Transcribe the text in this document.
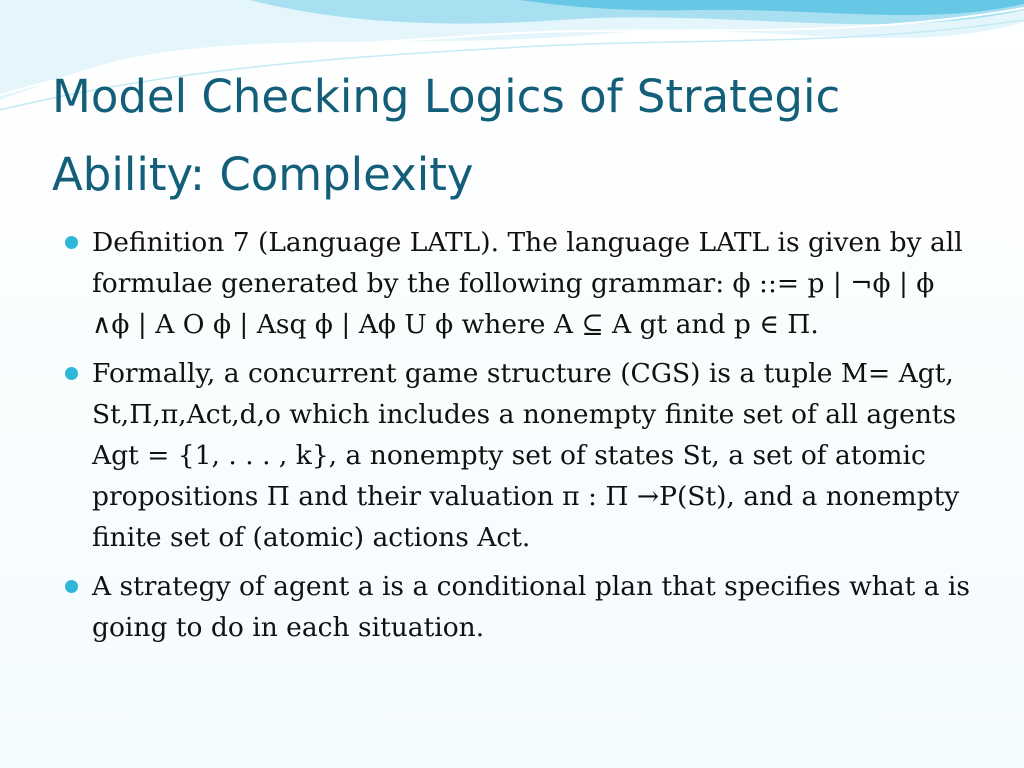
Model Checking Logics of Strategic Ability: Complexity
Definition 7 (Language LATL). The language LATL is given by all formulae generated by the following grammar: ϕ ::= p | ¬ϕ | ϕ ∧ϕ | A O ϕ | Asq ϕ | Aϕ U ϕ where A ⊆ A gt and p ∈ Π.
Formally, a concurrent game structure (CGS) is a tuple M= Agt, St,Π,π,Act,d,o which includes a nonempty finite set of all agents Agt = {1, . . . , k}, a nonempty set of states St, a set of atomic propositions Π and their valuation π : Π →P(St), and a nonempty finite set of (atomic) actions Act.
A strategy of agent a is a conditional plan that specifies what a is going to do in each situation.
